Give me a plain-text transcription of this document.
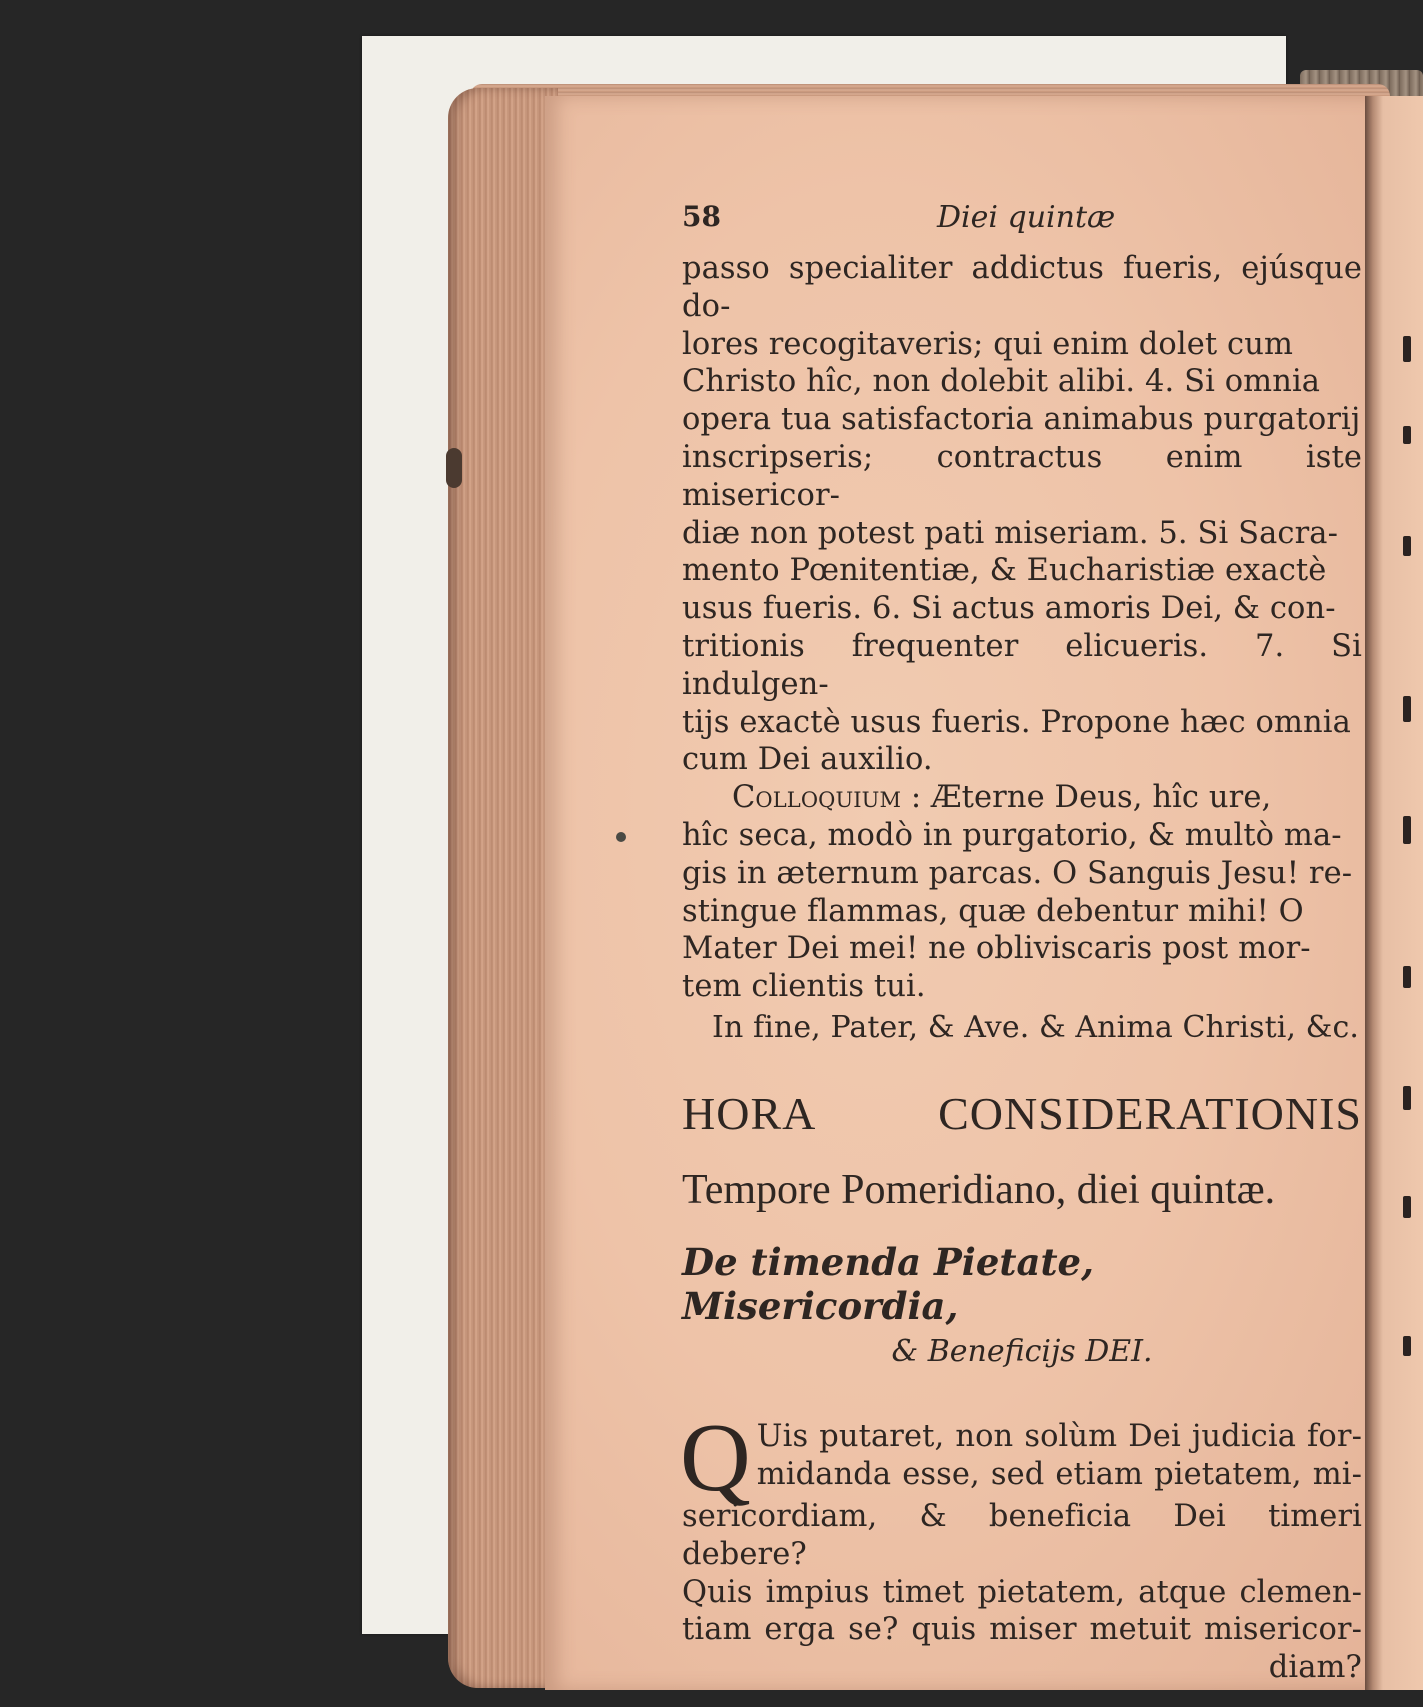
58	Diei quintæ

passo specialiter addictus fueris, ejúsque do-
lores recogitaveris; qui enim dolet cum
Christo hîc, non dolebit alibi. 4. Si omnia
opera tua satisfactoria animabus purgatorij
inscripseris; contractus enim iste misericor-
diæ non potest pati miseriam. 5. Si Sacra-
mento Pœnitentiæ, & Eucharistiæ exactè
usus fueris. 6. Si actus amoris Dei, & con-
tritionis frequenter elicueris. 7. Si indulgen-
tijs exactè usus fueris. Propone hæc omnia
cum Dei auxilio.

Colloquium : Æterne Deus, hîc ure,
hîc seca, modò in purgatorio, & multò ma-
gis in æternum parcas. O Sanguis Jesu! re-
stingue flammas, quæ debentur mihi! O
Mater Dei mei! ne obliviscaris post mor-
tem clientis tui.

In fine, Pater, & Ave. & Anima Christi, &c.

HORA	CONSIDERATIONIS
Tempore Pomeridiano, diei quintæ.
De timenda Pietate, Misericordia,
& Beneficijs DEI.
Q Uis putaret, non solùm Dei judicia for-

midanda esse, sed etiam pietatem, mi-

sericordiam, & beneficia Dei timeri debere?
Quis impius timet pietatem, atque clemen-
tiam erga se? quis miser metuit misericor-

diam?
